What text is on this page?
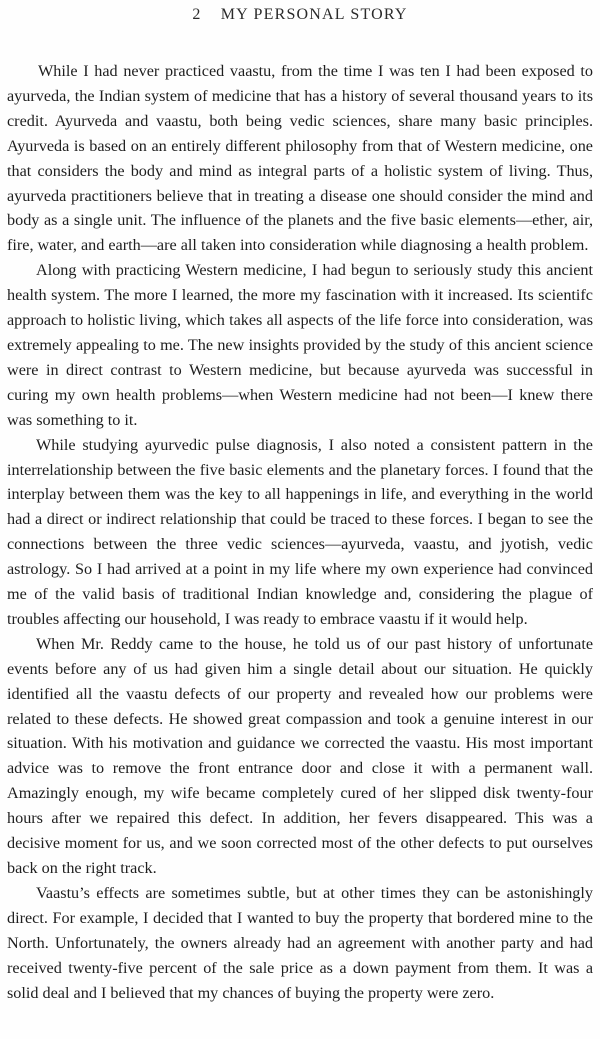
2 MY PERSONAL STORY

While I had never practiced vaastu, from the time I was ten I had been exposed to ayurveda, the Indian system of medicine that has a history of several thousand years to its credit. Ayurveda and vaastu, both being vedic sciences, share many basic principles. Ayurveda is based on an entirely different philosophy from that of Western medicine, one that considers the body and mind as integral parts of a holistic system of living. Thus, ayurveda practitioners believe that in treating a disease one should consider the mind and body as a single unit. The influence of the planets and the five basic elements—ether, air, fire, water, and earth—are all taken into consideration while diagnosing a health problem.

Along with practicing Western medicine, I had begun to seriously study this ancient health system. The more I learned, the more my fascination with it increased. Its scientifc approach to holistic living, which takes all aspects of the life force into consideration, was extremely appealing to me. The new insights provided by the study of this ancient science were in direct contrast to Western medicine, but because ayurveda was successful in curing my own health problems—when Western medicine had not been—I knew there was something to it.

While studying ayurvedic pulse diagnosis, I also noted a consistent pattern in the interrelationship between the five basic elements and the planetary forces. I found that the interplay between them was the key to all happenings in life, and everything in the world had a direct or indirect relationship that could be traced to these forces. I began to see the connections between the three vedic sciences—ayurveda, vaastu, and jyotish, vedic astrology. So I had arrived at a point in my life where my own experience had convinced me of the valid basis of traditional Indian knowledge and, considering the plague of troubles affecting our household, I was ready to embrace vaastu if it would help.

When Mr. Reddy came to the house, he told us of our past history of unfortunate events before any of us had given him a single detail about our situation. He quickly identified all the vaastu defects of our property and revealed how our problems were related to these defects. He showed great compassion and took a genuine interest in our situation. With his motivation and guidance we corrected the vaastu. His most important advice was to remove the front entrance door and close it with a permanent wall. Amazingly enough, my wife became completely cured of her slipped disk twenty-four hours after we repaired this defect. In addition, her fevers disappeared. This was a decisive moment for us, and we soon corrected most of the other defects to put ourselves back on the right track.

Vaastu’s effects are sometimes subtle, but at other times they can be astonishingly direct. For example, I decided that I wanted to buy the property that bordered mine to the North. Unfortunately, the owners already had an agreement with another party and had received twenty-five percent of the sale price as a down payment from them. It was a solid deal and I believed that my chances of buying the property were zero.
